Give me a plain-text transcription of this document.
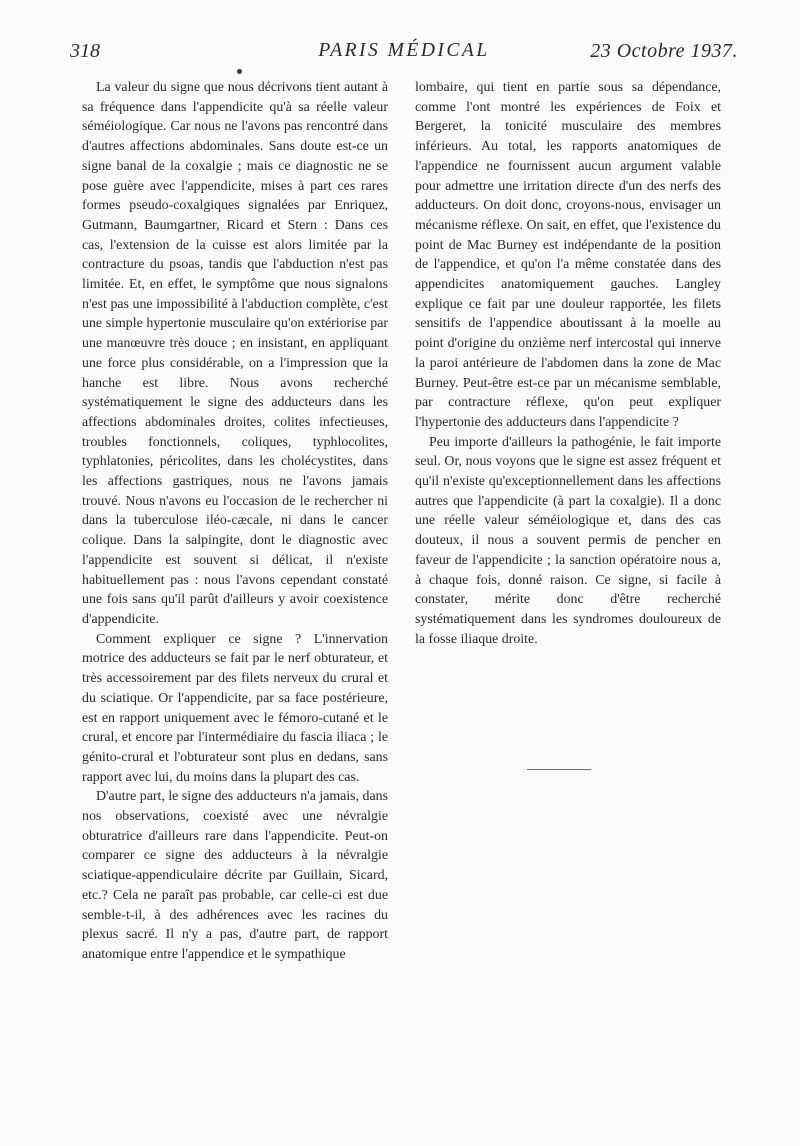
318	PARIS MÉDICAL	23 Octobre 1937.

La valeur du signe que nous décrivons tient autant à sa fréquence dans l'appendicite qu'à sa réelle valeur séméiologique. Car nous ne l'avons pas rencontré dans d'autres affections abdominales. Sans doute est-ce un signe banal de la coxalgie ; mais ce diagnostic ne se pose guère avec l'appendicite, mises à part ces rares formes pseudo-coxalgiques signalées par Enriquez, Gutmann, Baumgartner, Ricard et Stern : Dans ces cas, l'extension de la cuisse est alors limitée par la contracture du psoas, tandis que l'abduction n'est pas limitée. Et, en effet, le symptôme que nous signalons n'est pas une impossibilité à l'abduction complète, c'est une simple hypertonie musculaire qu'on extériorise par une manœuvre très douce ; en insistant, en appliquant une force plus considérable, on a l'impression que la hanche est libre. Nous avons recherché systématiquement le signe des adducteurs dans les affections abdominales droites, colites infectieuses, troubles fonctionnels, coliques, typhlocolites, typhlatonies, péricolites, dans les cholécystites, dans les affections gastriques, nous ne l'avons jamais trouvé. Nous n'avons eu l'occasion de le rechercher ni dans la tuberculose iléo-cæcale, ni dans le cancer colique. Dans la salpingite, dont le diagnostic avec l'appendicite est souvent si délicat, il n'existe habituellement pas : nous l'avons cependant constaté une fois sans qu'il parût d'ailleurs y avoir coexistence d'appendicite.

Comment expliquer ce signe ? L'innervation motrice des adducteurs se fait par le nerf obturateur, et très accessoirement par des filets nerveux du crural et du sciatique. Or l'appendicite, par sa face postérieure, est en rapport uniquement avec le fémoro-cutané et le crural, et encore par l'intermédiaire du fascia iliaca ; le génito-crural et l'obturateur sont plus en dedans, sans rapport avec lui, du moins dans la plupart des cas.

D'autre part, le signe des adducteurs n'a jamais, dans nos observations, coexisté avec une névralgie obturatrice d'ailleurs rare dans l'appendicite. Peut-on comparer ce signe des adducteurs à la névralgie sciatique-appendiculaire décrite par Guillain, Sicard, etc.? Cela ne paraît pas probable, car celle-ci est due semble-t-il, à des adhérences avec les racines du plexus sacré. Il n'y a pas, d'autre part, de rapport anatomique entre l'appendice et le sympathique

lombaire, qui tient en partie sous sa dépendance, comme l'ont montré les expériences de Foix et Bergeret, la tonicité musculaire des membres inférieurs. Au total, les rapports anatomiques de l'appendice ne fournissent aucun argument valable pour admettre une irritation directe d'un des nerfs des adducteurs. On doit donc, croyons-nous, envisager un mécanisme réflexe. On sait, en effet, que l'existence du point de Mac Burney est indépendante de la position de l'appendice, et qu'on l'a même constatée dans des appendicites anatomiquement gauches. Langley explique ce fait par une douleur rapportée, les filets sensitifs de l'appendice aboutissant à la moelle au point d'origine du onzième nerf intercostal qui innerve la paroi antérieure de l'abdomen dans la zone de Mac Burney. Peut-être est-ce par un mécanisme semblable, par contracture réflexe, qu'on peut expliquer l'hypertonie des adducteurs dans l'appendicite ?

Peu importe d'ailleurs la pathogénie, le fait importe seul. Or, nous voyons que le signe est assez fréquent et qu'il n'existe qu'exceptionnellement dans les affections autres que l'appendicite (à part la coxalgie). Il a donc une réelle valeur séméiologique et, dans des cas douteux, il nous a souvent permis de pencher en faveur de l'appendicite ; la sanction opératoire nous a, à chaque fois, donné raison. Ce signe, si facile à constater, mérite donc d'être recherché systématiquement dans les syndromes douloureux de la fosse iliaque droite.
